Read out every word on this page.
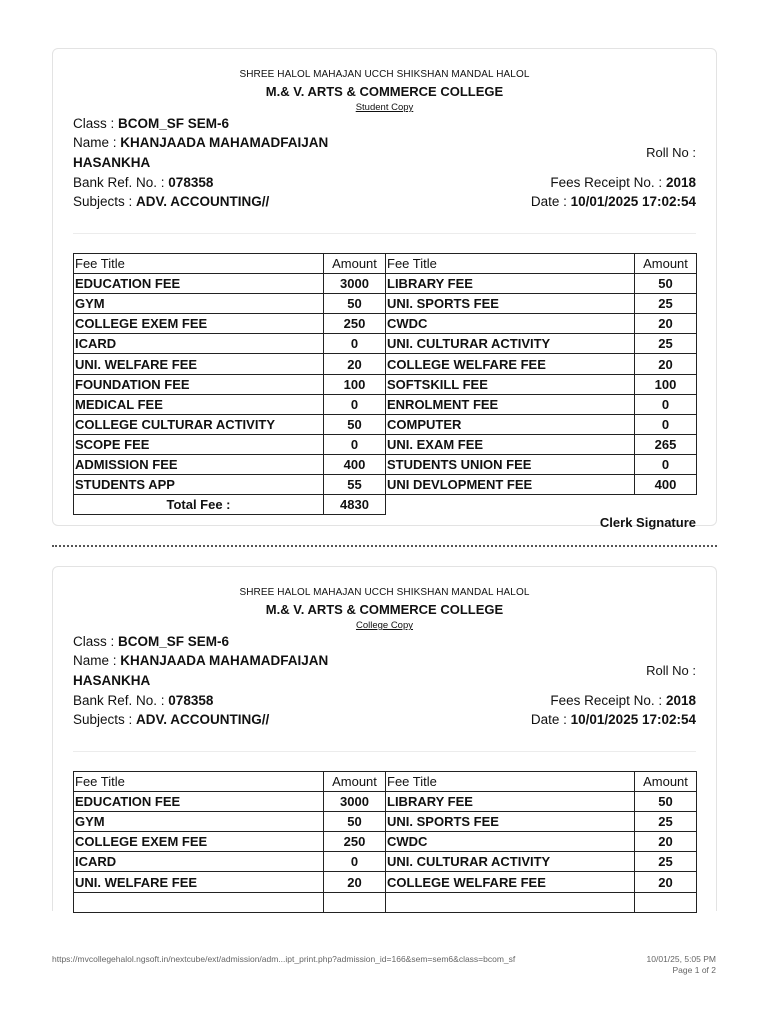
SHREE HALOL MAHAJAN UCCH SHIKSHAN MANDAL HALOL
M.& V. ARTS & COMMERCE COLLEGE
Student Copy
Class : BCOM_SF SEM-6
Name : KHANJAADA MAHAMADFAIJAN
HASANKHA
Roll No :
Bank Ref. No. : 078358	Fees Receipt No. : 2018
Subjects : ADV. ACCOUNTING//	Date : 10/01/2025 17:02:54
Fee Title	Amount	Fee Title	Amount
EDUCATION FEE	3000	LIBRARY FEE	50
GYM	50	UNI. SPORTS FEE	25
COLLEGE EXEM FEE	250	CWDC	20
ICARD	0	UNI. CULTURAR ACTIVITY	25
UNI. WELFARE FEE	20	COLLEGE WELFARE FEE	20
FOUNDATION FEE	100	SOFTSKILL FEE	100
MEDICAL FEE	0	ENROLMENT FEE	0
COLLEGE CULTURAR ACTIVITY	50	COMPUTER	0
SCOPE FEE	0	UNI. EXAM FEE	265
ADMISSION FEE	400	STUDENTS UNION FEE	0
STUDENTS APP	55	UNI DEVLOPMENT FEE	400
Total Fee :	4830		
Clerk Signature
SHREE HALOL MAHAJAN UCCH SHIKSHAN MANDAL HALOL
M.& V. ARTS & COMMERCE COLLEGE
College Copy
Class : BCOM_SF SEM-6
Name : KHANJAADA MAHAMADFAIJAN
HASANKHA
Roll No :
Bank Ref. No. : 078358	Fees Receipt No. : 2018
Subjects : ADV. ACCOUNTING//	Date : 10/01/2025 17:02:54
Fee Title	Amount	Fee Title	Amount
EDUCATION FEE	3000	LIBRARY FEE	50
GYM	50	UNI. SPORTS FEE	25
COLLEGE EXEM FEE	250	CWDC	20
ICARD	0	UNI. CULTURAR ACTIVITY	25
UNI. WELFARE FEE	20	COLLEGE WELFARE FEE	20

https://mvcollegehalol.ngsoft.in/nextcube/ext/admission/adm...ipt_print.php?admission_id=166&sem=sem6&class=bcom_sf	10/01/25, 5:05 PM
Page 1 of 2
